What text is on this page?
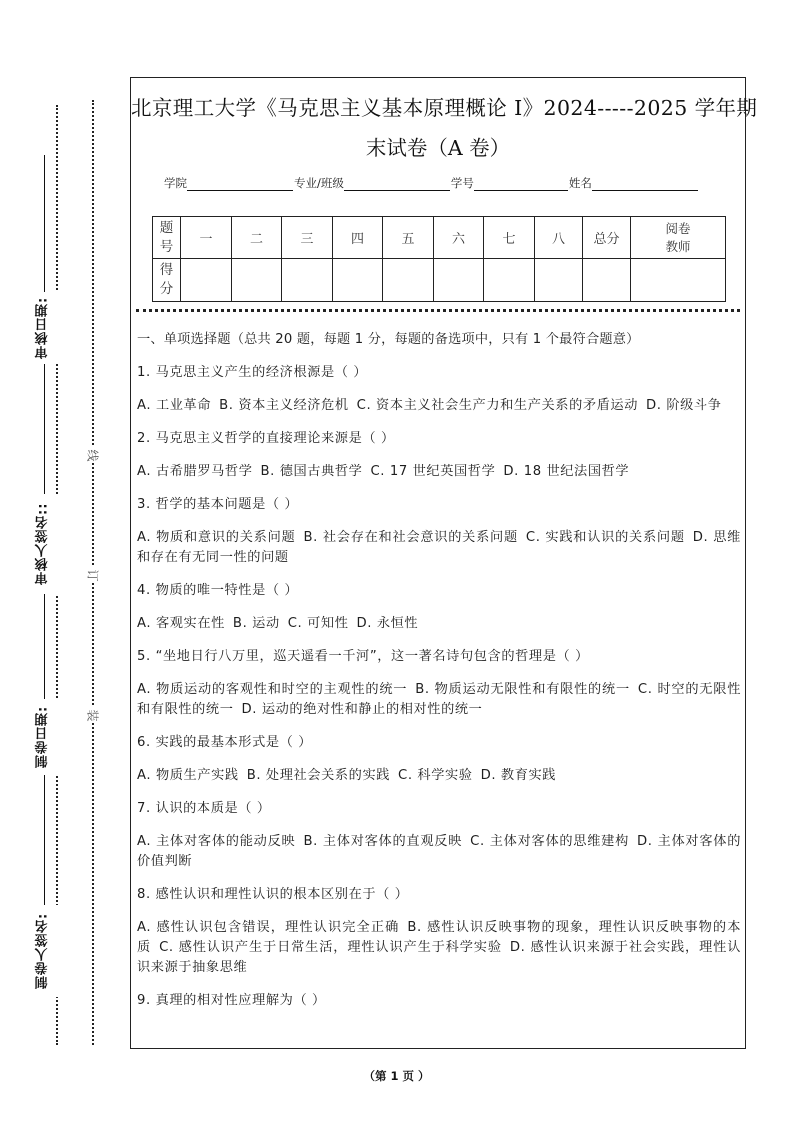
审核日期:
审核人签名::
制卷日期:
制卷人签名:
线
订
装
北京理工大学《马克思主义基本原理概论 I》2024-----2025 学年期
末试卷（A 卷）
学院	专业/班级	学号	姓名
题号	一	二	三	四	五	六	七	八	总分	阅卷教师
得分										
一、单项选择题（总共 20 题，每题 1 分，每题的备选项中，只有 1 个最符合题意）
1. 马克思主义产生的经济根源是（ ）
A. 工业革命 B. 资本主义经济危机 C. 资本主义社会生产力和生产关系的矛盾运动 D. 阶级斗争
2. 马克思主义哲学的直接理论来源是（ ）
A. 古希腊罗马哲学 B. 德国古典哲学 C. 17 世纪英国哲学 D. 18 世纪法国哲学
3. 哲学的基本问题是（ ）
A. 物质和意识的关系问题 B. 社会存在和社会意识的关系问题 C. 实践和认识的关系问题 D. 思维和存在有无同一性的问题
4. 物质的唯一特性是（ ）
A. 客观实在性 B. 运动 C. 可知性 D. 永恒性
5. “坐地日行八万里，巡天遥看一千河”，这一著名诗句包含的哲理是（ ）
A. 物质运动的客观性和时空的主观性的统一 B. 物质运动无限性和有限性的统一 C. 时空的无限性和有限性的统一 D. 运动的绝对性和静止的相对性的统一
6. 实践的最基本形式是（ ）
A. 物质生产实践 B. 处理社会关系的实践 C. 科学实验 D. 教育实践
7. 认识的本质是（ ）
A. 主体对客体的能动反映 B. 主体对客体的直观反映 C. 主体对客体的思维建构 D. 主体对客体的价值判断
8. 感性认识和理性认识的根本区别在于（ ）
A. 感性认识包含错误，理性认识完全正确 B. 感性认识反映事物的现象，理性认识反映事物的本质 C. 感性认识产生于日常生活，理性认识产生于科学实验 D. 感性认识来源于社会实践，理性认识来源于抽象思维
9. 真理的相对性应理解为（ ）
（第 1 页 ）
